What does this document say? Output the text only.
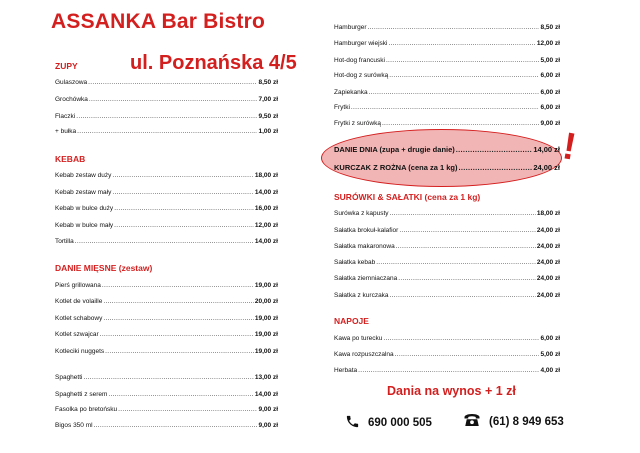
ASSANKA Bar Bistro
ul. Poznańska 4/5
ZUPY
Gulaszowa .....	8,50 zł
Grochówka .....	7,00 zł
Flaczki .....	9,50 zł
+ bułka .....	1,00 zł
KEBAB
Kebab zestaw duży .....	18,00 zł
Kebab zestaw mały .....	14,00 zł
Kebab w bułce duży .....	16,00 zł
Kebab w bułce mały .....	12,00 zł
Tortilla .....	14,00 zł
DANIE MIĘSNE (zestaw)
Pierś grillowana .....	19,00 zł
Kotlet de volaille .....	20,00 zł
Kotlet schabowy .....	19,00 zł
Kotlet szwajcar .....	19,00 zł
Kotleciki nuggets .....	19,00 zł
Spaghetti .....	13,00 zł
Spaghetti z serem .....	14,00 zł
Fasolka po bretońsku .....	9,00 zł
Bigos 350 ml .....	9,00 zł
Hamburger .....	8,50 zł
Hamburger wiejski .....	12,00 zł
Hot-dog francuski .....	5,00 zł
Hot-dog z surówką .....	6,00 zł
Zapiekanka .....	6,00 zł
Frytki .....	6,00 zł
Frytki z surówką .....	9,00 zł
DANIE DNIA (zupa + drugie danie) .....	14,00 zł
KURCZAK Z ROŻNA (cena za 1 kg) .....	24,00 zł !
SURÓWKI & SAŁATKI (cena za 1 kg)
Surówka z kapusty .....	18,00 zł
Sałatka brokuł-kalafior .....	24,00 zł
Sałatka makaronowa .....	24,00 zł
Sałatka kebab .....	24,00 zł
Sałatka ziemniaczana .....	24,00 zł
Sałatka z kurczaka .....	24,00 zł
NAPOJE
Kawa po turecku .....	6,00 zł
Kawa rozpuszczalna .....	5,00 zł
Herbata .....	4,00 zł
Dania na wynos + 1 zł
690 000 505	(61) 8 949 653
